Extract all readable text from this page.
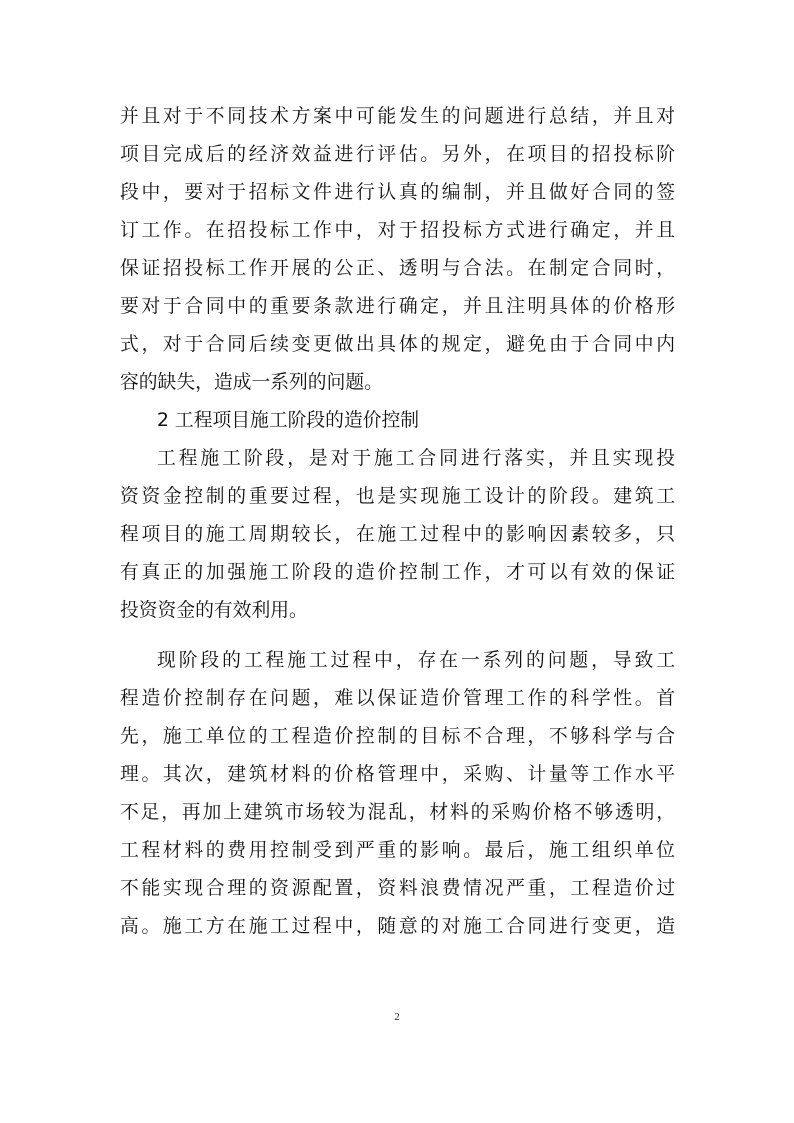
并且对于不同技术方案中可能发生的问题进行总结，并且对
项目完成后的经济效益进行评估。另外，在项目的招投标阶
段中，要对于招标文件进行认真的编制，并且做好合同的签
订工作。在招投标工作中，对于招投标方式进行确定，并且
保证招投标工作开展的公正、透明与合法。在制定合同时，
要对于合同中的重要条款进行确定，并且注明具体的价格形
式，对于合同后续变更做出具体的规定，避免由于合同中内
容的缺失，造成一系列的问题。
2 工程项目施工阶段的造价控制
工程施工阶段，是对于施工合同进行落实，并且实现投
资资金控制的重要过程，也是实现施工设计的阶段。建筑工
程项目的施工周期较长，在施工过程中的影响因素较多，只
有真正的加强施工阶段的造价控制工作，才可以有效的保证
投资资金的有效利用。
现阶段的工程施工过程中，存在一系列的问题，导致工
程造价控制存在问题，难以保证造价管理工作的科学性。首
先，施工单位的工程造价控制的目标不合理，不够科学与合
理。其次，建筑材料的价格管理中，采购、计量等工作水平
不足，再加上建筑市场较为混乱，材料的采购价格不够透明，
工程材料的费用控制受到严重的影响。最后，施工组织单位
不能实现合理的资源配置，资料浪费情况严重，工程造价过
高。施工方在施工过程中，随意的对施工合同进行变更，造
2
